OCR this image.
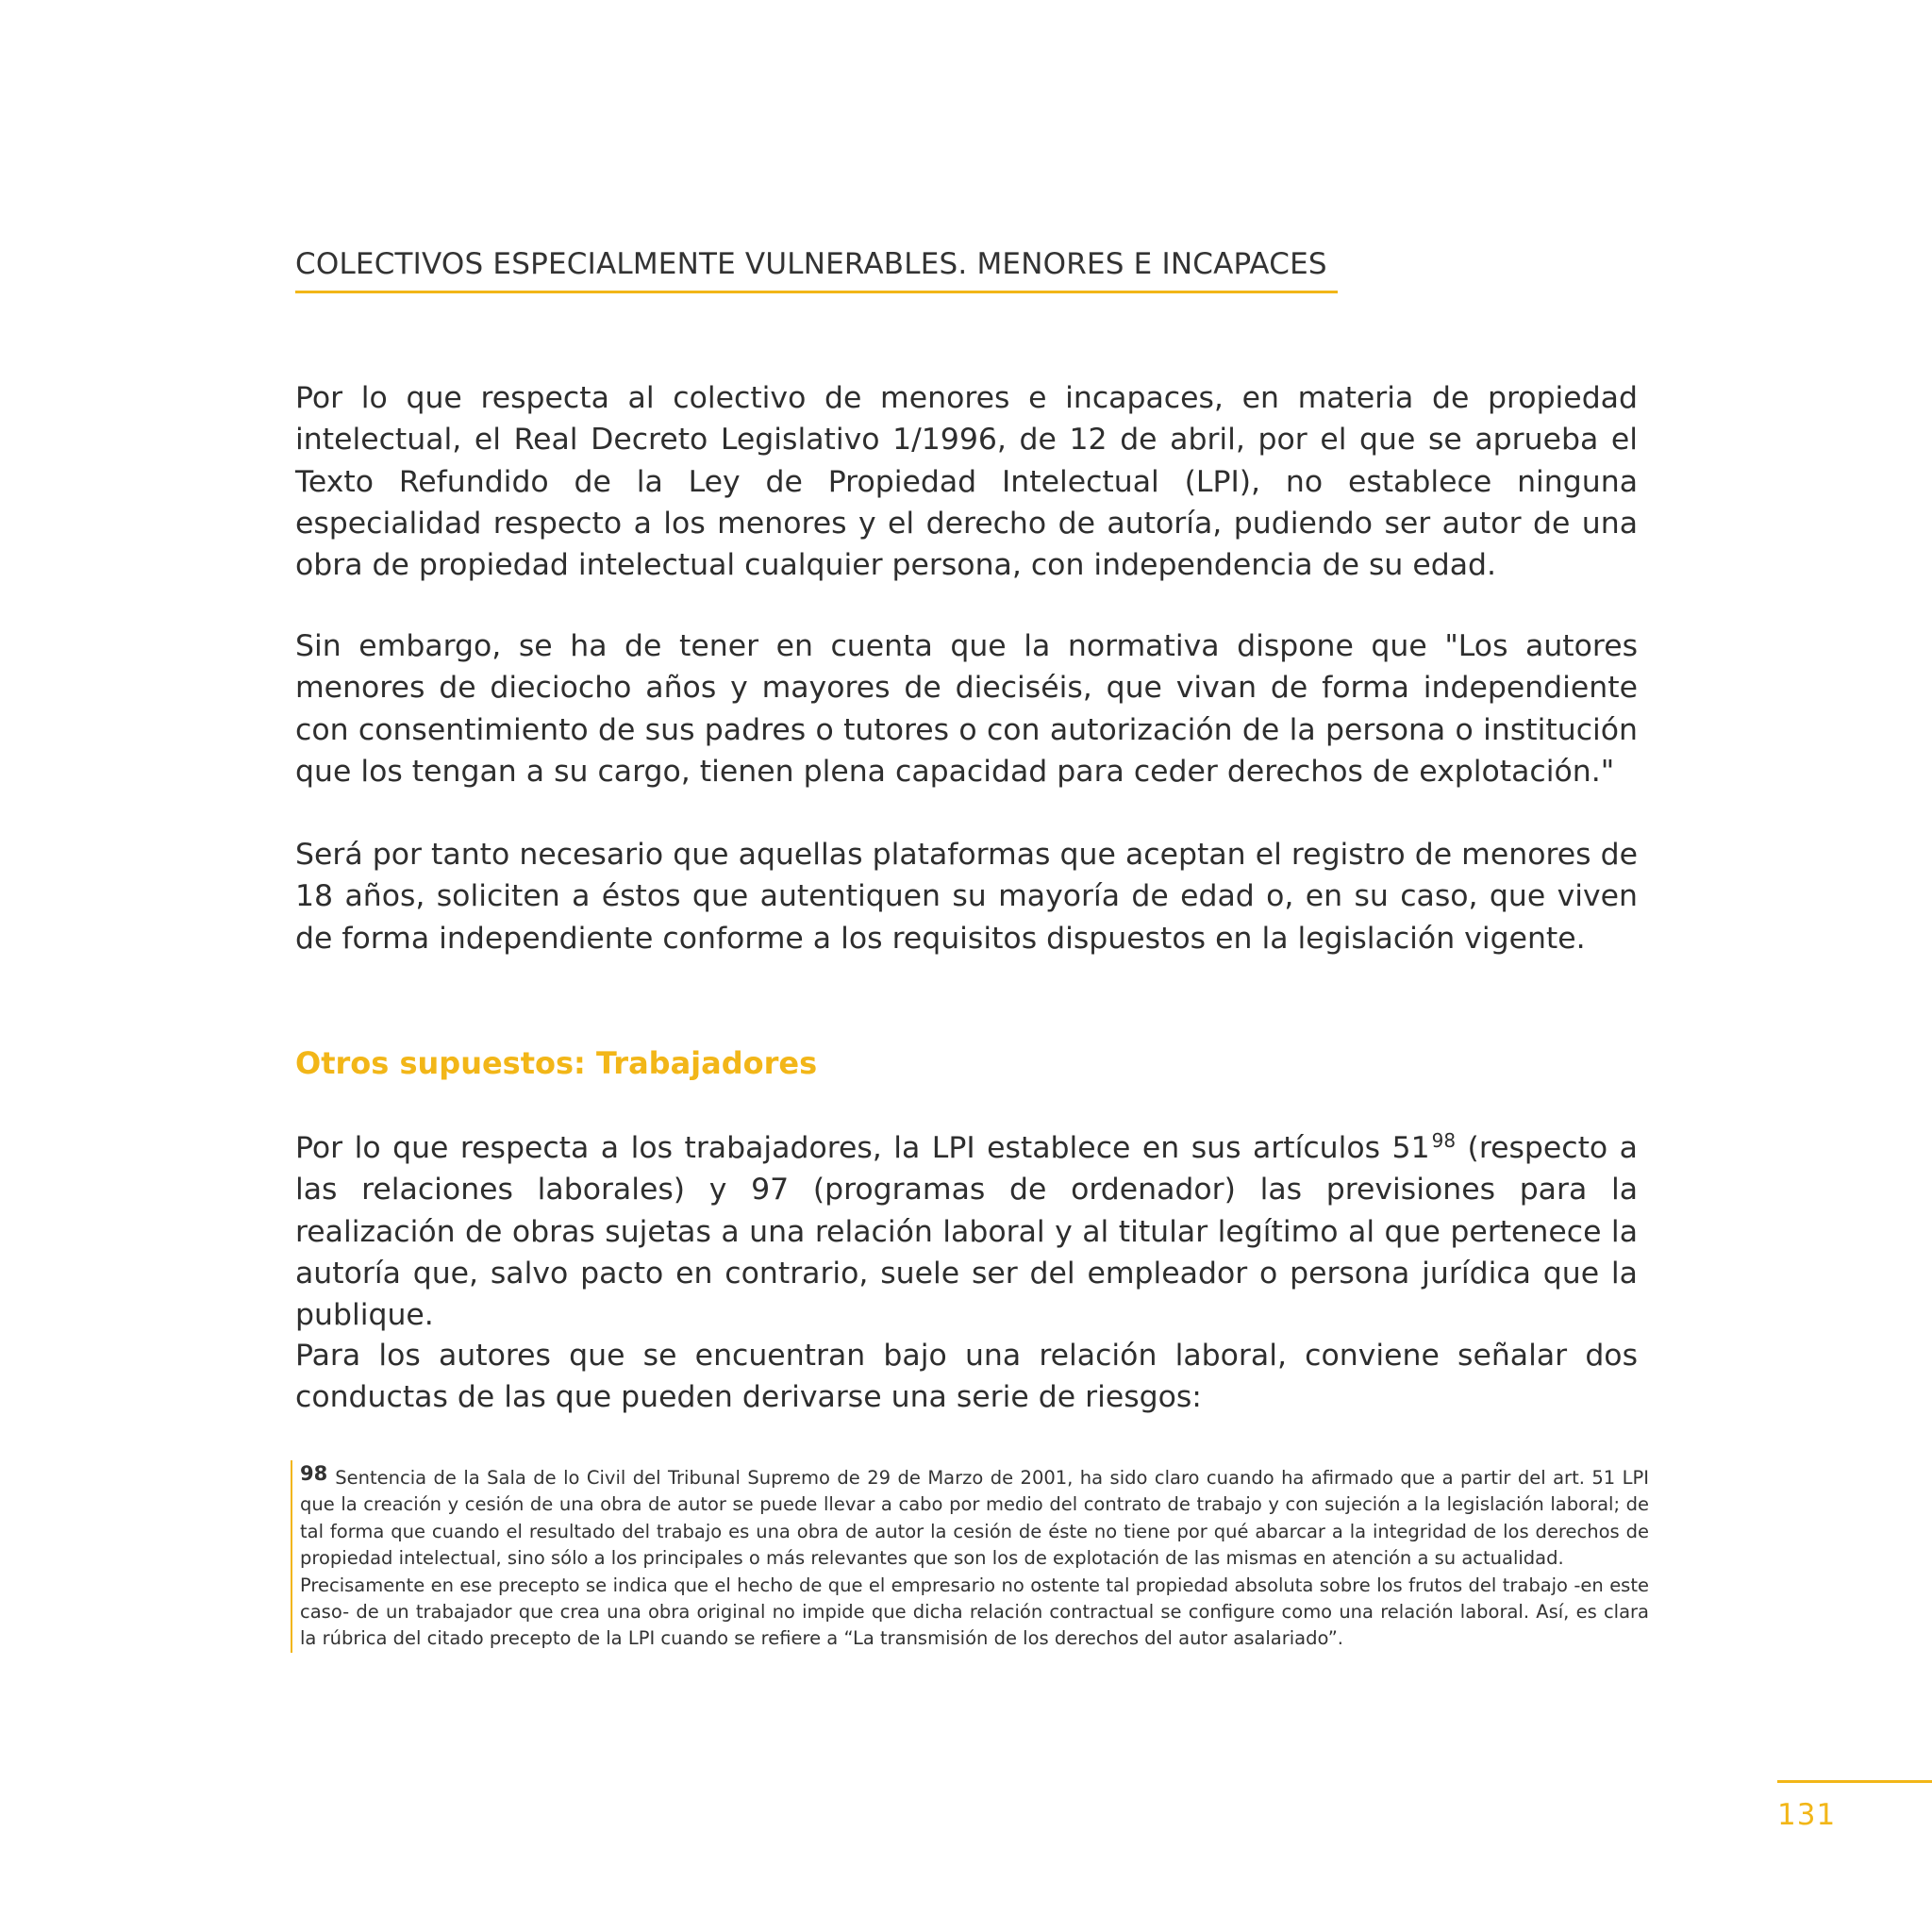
COLECTIVOS ESPECIALMENTE VULNERABLES. MENORES E INCAPACES

Por lo que respecta al colectivo de menores e incapaces, en materia de propiedad intelectual, el Real Decreto Legislativo 1/1996, de 12 de abril, por el que se aprueba el Texto Refundido de la Ley de Propiedad Intelectual (LPI), no establece ninguna especialidad respecto a los menores y el derecho de autoría, pudiendo ser autor de una obra de propiedad intelectual cualquier persona, con independencia de su edad.

Sin embargo, se ha de tener en cuenta que la normativa dispone que "Los autores menores de dieciocho años y mayores de dieciséis, que vivan de forma independiente con consentimiento de sus padres o tutores o con autorización de la persona o institución que los tengan a su cargo, tienen plena capacidad para ceder derechos de explotación."

Será por tanto necesario que aquellas plataformas que aceptan el registro de menores de 18 años, soliciten a éstos que autentiquen su mayoría de edad o, en su caso, que viven de forma independiente conforme a los requisitos dispuestos en la legislación vigente.

Otros supuestos: Trabajadores

Por lo que respecta a los trabajadores, la LPI establece en sus artículos 51 $^{98}$ (respecto a las relaciones laborales) y 97 (programas de ordenador) las previsiones para la realización de obras sujetas a una relación laboral y al titular legítimo al que pertenece la autoría que, salvo pacto en contrario, suele ser del empleador o persona jurídica que la publique.

Para los autores que se encuentran bajo una relación laboral, conviene señalar dos conductas de las que pueden derivarse una serie de riesgos:

98 Sentencia de la Sala de lo Civil del Tribunal Supremo de 29 de Marzo de 2001, ha sido claro cuando ha afirmado que a partir del art. 51 LPI que la creación y cesión de una obra de autor se puede llevar a cabo por medio del contrato de trabajo y con sujeción a la legislación laboral; de tal forma que cuando el resultado del trabajo es una obra de autor la cesión de éste no tiene por qué abarcar a la integridad de los derechos de propiedad intelectual, sino sólo a los principales o más relevantes que son los de explotación de las mismas en atención a su actualidad.

Precisamente en ese precepto se indica que el hecho de que el empresario no ostente tal propiedad absoluta sobre los frutos del trabajo -en este caso- de un trabajador que crea una obra original no impide que dicha relación contractual se configure como una relación laboral. Así, es clara la rúbrica del citado precepto de la LPI cuando se refiere a “La transmisión de los derechos del autor asalariado”.

131
